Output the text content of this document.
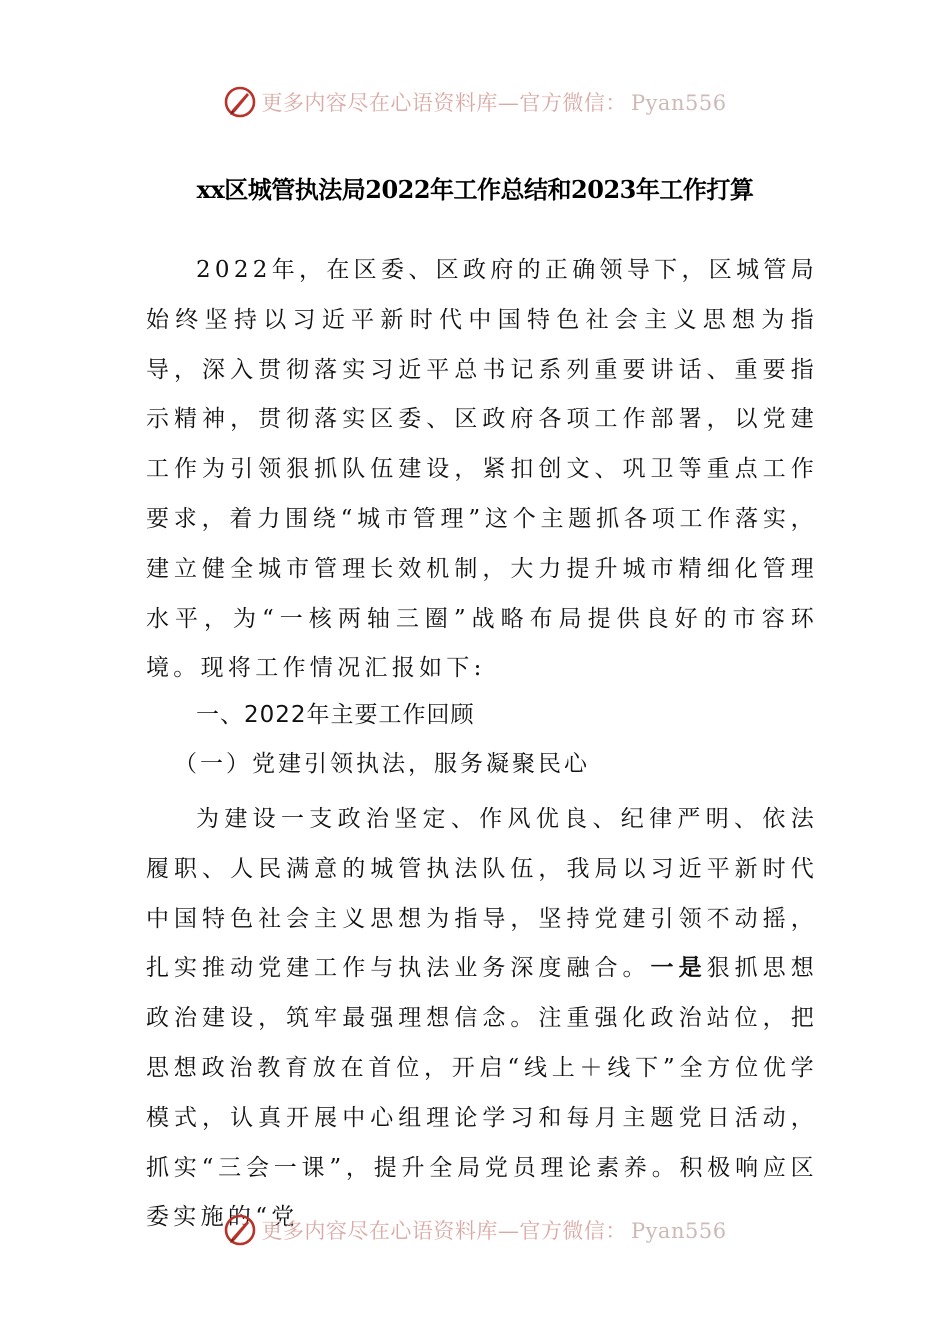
更多内容尽在心语资料库—官方微信： Pyan556
xx区城管执法局2022年工作总结和2023年工作打算

2022年，在区委、区政府的正确领导下，区城管局始终坚持以习近平新时代中国特色社会主义思想为指导，深入贯彻落实习近平总书记系列重要讲话、重要指示精神，贯彻落实区委、区政府各项工作部署，以党建工作为引领狠抓队伍建设，紧扣创文、巩卫等重点工作要求，着力围绕“城市管理”这个主题抓各项工作落实，建立健全城市管理长效机制，大力提升城市精细化管理水平，为“一核两轴三圈”战略布局提供良好的市容环境。现将工作情况汇报如下:

一、2022年主要工作回顾
（一）党建引领执法，服务凝聚民心

为建设一支政治坚定、作风优良、纪律严明、依法履职、人民满意的城管执法队伍，我局以习近平新时代中国特色社会主义思想为指导，坚持党建引领不动摇，扎实推动党建工作与执法业务深度融合。一是狠抓思想政治建设，筑牢最强理想信念。注重强化政治站位，把思想政治教育放在首位，开启“线上＋线下”全方位优学模式，认真开展中心组理论学习和每月主题党日活动，抓实“三会一课”，提升全局党员理论素养。积极响应区委实施的“党

更多内容尽在心语资料库—官方微信： Pyan556
